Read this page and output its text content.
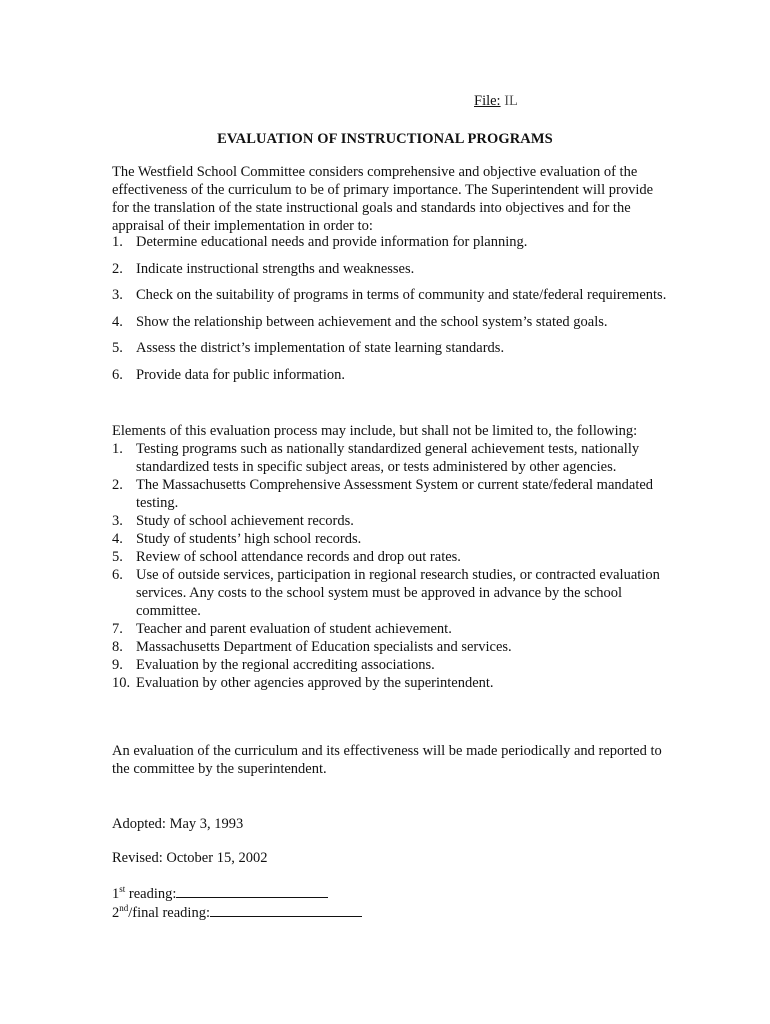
File: IL
EVALUATION OF INSTRUCTIONAL PROGRAMS
The Westfield School Committee considers comprehensive and objective evaluation of the effectiveness of the curriculum to be of primary importance. The Superintendent will provide for the translation of the state instructional goals and standards into objectives and for the appraisal of their implementation in order to:
1. Determine educational needs and provide information for planning.
2. Indicate instructional strengths and weaknesses.
3. Check on the suitability of programs in terms of community and state/federal requirements.
4. Show the relationship between achievement and the school system’s stated goals.
5. Assess the district’s implementation of state learning standards.
6. Provide data for public information.
Elements of this evaluation process may include, but shall not be limited to, the following:
1. Testing programs such as nationally standardized general achievement tests, nationally standardized tests in specific subject areas, or tests administered by other agencies.
2. The Massachusetts Comprehensive Assessment System or current state/federal mandated testing.
3. Study of school achievement records.
4. Study of students’ high school records.
5. Review of school attendance records and drop out rates.
6. Use of outside services, participation in regional research studies, or contracted evaluation services. Any costs to the school system must be approved in advance by the school committee.
7. Teacher and parent evaluation of student achievement.
8. Massachusetts Department of Education specialists and services.
9. Evaluation by the regional accrediting associations.
10. Evaluation by other agencies approved by the superintendent.
An evaluation of the curriculum and its effectiveness will be made periodically and reported to the committee by the superintendent.
Adopted: May 3, 1993
Revised: October 15, 2002
1st reading:
2nd/final reading:
